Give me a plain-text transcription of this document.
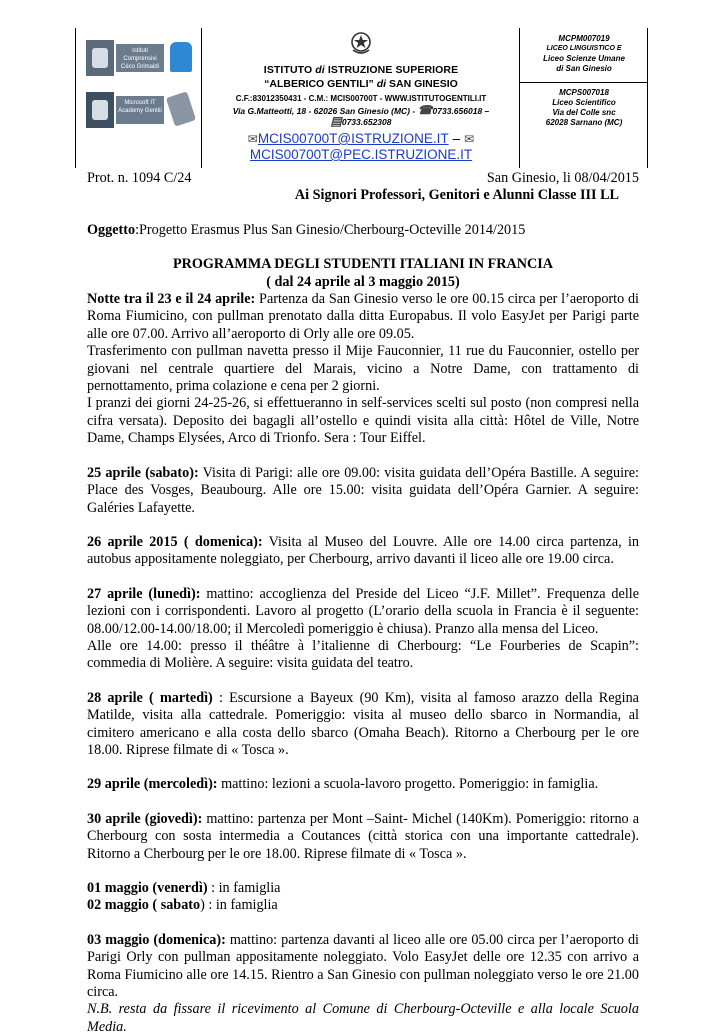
Istituti Comprensivi Cèco Grimaldi
Microsoft IT Academy Gentili
ISTITUTO di ISTRUZIONE SUPERIORE
“ALBERICO GENTILI” di SAN GINESIO
C.F.:83012350431 - C.M.: MCIS00700T - WWW.ISTITUTOGENTILI.IT
Via G.Matteotti, 18 - 62026 San Ginesio (MC) - ☎0733.656018 –
▤0733.652308
✉MCIS00700T@ISTRUZIONE.IT – ✉
MCIS00700T@PEC.ISTRUZIONE.IT
MCPM007019
LICEO LINGUISTICO E
Liceo Scienze Umane
di San Ginesio
MCPS007018
Liceo Scientifico
Via del Colle snc
62028 Sarnano (MC)
Prot. n. 1094 C/24	San Ginesio, li 08/04/2015

Ai Signori Professori, Genitori e Alunni Classe III LL

Oggetto:Progetto Erasmus Plus San Ginesio/Cherbourg-Octeville 2014/2015

PROGRAMMA DEGLI STUDENTI ITALIANI IN FRANCIA

( dal 24 aprile al 3 maggio 2015)

Notte tra il 23 e il 24 aprile: Partenza da San Ginesio verso le ore 00.15 circa per l’aeroporto di Roma Fiumicino, con pullman prenotato dalla ditta Europabus. Il volo EasyJet per Parigi parte alle ore 07.00. Arrivo all’aeroporto di Orly alle ore 09.05.

Trasferimento con pullman navetta presso il Mije Fauconnier, 11 rue du Fauconnier, ostello per giovani nel centrale quartiere del Marais, vicino a Notre Dame, con trattamento di pernottamento, prima colazione e cena per 2 giorni.

I pranzi dei giorni 24-25-26, si effettueranno in self-services scelti sul posto (non compresi nella cifra versata). Deposito dei bagagli all’ostello e quindi visita alla città: Hôtel de Ville, Notre Dame, Champs Elysées, Arco di Trionfo. Sera : Tour Eiffel.

25 aprile (sabato): Visita di Parigi: alle ore 09.00: visita guidata dell’Opéra Bastille. A seguire: Place des Vosges, Beaubourg. Alle ore 15.00: visita guidata dell’Opéra Garnier. A seguire: Galéries Lafayette.

26 aprile 2015 ( domenica): Visita al Museo del Louvre. Alle ore 14.00 circa partenza, in autobus appositamente noleggiato, per Cherbourg, arrivo davanti il liceo alle ore 19.00 circa.

27 aprile (lunedì): mattino: accoglienza del Preside del Liceo “J.F. Millet”. Frequenza delle lezioni con i corrispondenti. Lavoro al progetto (L’orario della scuola in Francia è il seguente: 08.00/12.00-14.00/18.00; il Mercoledì pomeriggio è chiusa). Pranzo alla mensa del Liceo.

Alle ore 14.00: presso il théâtre à l’italienne di Cherbourg: “Le Fourberies de Scapin”: commedia di Molière. A seguire: visita guidata del teatro.

28 aprile ( martedì) : Escursione a Bayeux (90 Km), visita al famoso arazzo della Regina Matilde, visita alla cattedrale. Pomeriggio: visita al museo dello sbarco in Normandia, al cimitero americano e alla costa dello sbarco (Omaha Beach). Ritorno a Cherbourg per le ore 18.00. Riprese filmate di « Tosca ».

29 aprile (mercoledì): mattino: lezioni a scuola-lavoro progetto. Pomeriggio: in famiglia.

30 aprile (giovedì): mattino: partenza per Mont –Saint- Michel (140Km). Pomeriggio: ritorno a Cherbourg con sosta intermedia a Coutances (città storica con una importante cattedrale). Ritorno a Cherbourg per le ore 18.00. Riprese filmate di « Tosca ».

01 maggio (venerdì) : in famiglia

02 maggio ( sabato) : in famiglia

03 maggio (domenica): mattino: partenza davanti al liceo alle ore 05.00 circa per l’aeroporto di Parigi Orly con pullman appositamente noleggiato. Volo EasyJet delle ore 12.35 con arrivo a Roma Fiumicino alle ore 14.15. Rientro a San Ginesio con pullman noleggiato verso le ore 21.00 circa.

N.B. resta da fissare il ricevimento al Comune di Cherbourg-Octeville e alla locale Scuola Media.
